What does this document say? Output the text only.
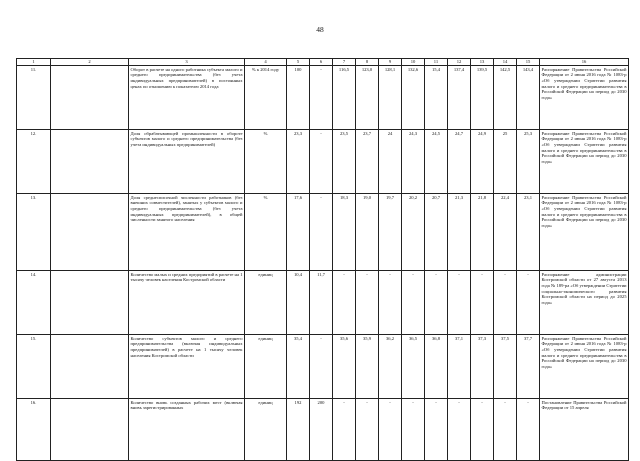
48
1	2	3	4	5	6	7	8	9	10	11	12	13	14	15	16
11.		Оборот в расчете на одного работника субъекта малого и среднего предпринимательства (без учета индивидуальных предпринимателей) в постоянных ценах по отношению к показателю 2014 года	% к 2014 году	100	-	116,5	123,0	128,1	132,6	15,4	137,4	139,5	142,5	143,4	Распоряжение Правительства Российской Федерации от 2 июня 2016 года № 1083-р «Об утверждении Стратегии развития малого и среднего предпринимательства в Российской Федерации на период до 2030 года»
12.		Доля обрабатывающей промышленности в обороте субъектов малого и среднего предпринимательства (без учета индивидуальных предпринимателей)	%	23,3	-	23,5	23,7	24	24,3	24,5	24,7	24,9	25	25,3	Распоряжение Правительства Российской Федерации от 2 июня 2016 года № 1083-р «Об утверждении Стратегии развития малого и среднего предпринимательства в Российской Федерации на период до 2030 года»
13.		Доля среднесписочной численности работников (без внешних совместителей), занятых у субъектов малого и среднего предпринимательства (без учета индивидуальных предпринимателей), в общей численности занятого населения	%	17,6	-	18,3	19,0	19,7	20,2	20,7	21,3	21,8	22,4	23,1	Распоряжение Правительства Российской Федерации от 2 июня 2016 года № 1083-р «Об утверждении Стратегии развития малого и среднего предпринимательства в Российской Федерации на период до 2030 года»
14.		Количество малых и средних предприятий в расчете на 1 тысячу человек населения Костромской области	единиц	10,4	11,7	-	-	-	-	-	-	-	-	-	Распоряжение администрации Костромской области от 27 августа 2013 года № 189-ра «Об утверждении Стратегии социально-экономического развития Костромской области на период до 2025 года»
15.		Количество субъектов малого и среднего предпринимательства (включая индивидуальных предпринимателей) в расчете на 1 тысячу человек населения Костромской области	единиц	35,4	-	35,6	35,9	36,2	36,5	36,8	37,1	37,3	37,5	37,7	Распоряжение Правительства Российской Федерации от 2 июня 2016 года № 1083-р «Об утверждении Стратегии развития малого и среднего предпринимательства в Российской Федерации на период до 2030 года»
16.		Количество вновь созданных рабочих мест (включая вновь зарегистрированных	единиц	192	200	-	-	-	-	-	-	-	-	-	Постановление Правительства Российской Федерации от 15 апреля
